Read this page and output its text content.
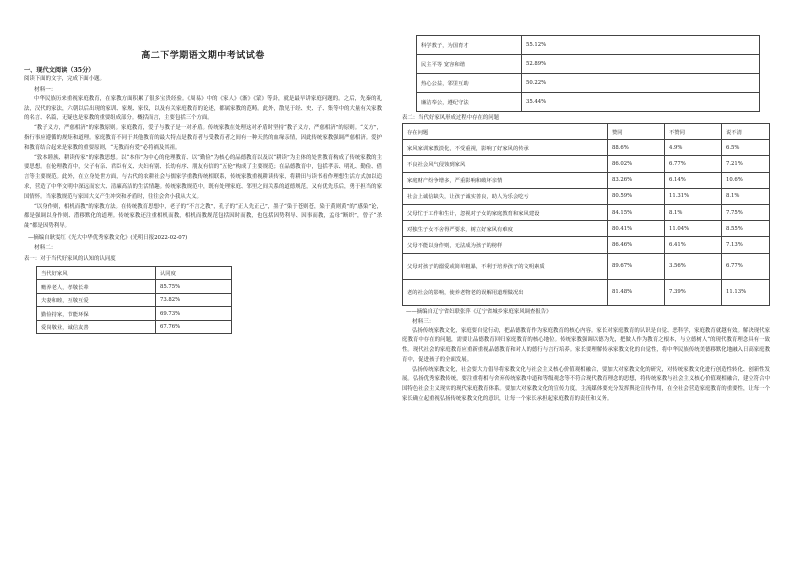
高二下学期语文期中考试试卷
一、现代文阅读（35分）

阅读下面的文字，完成下面小题。

材料一：

中华民族历来重视家庭教育，在家教方面积累了很多宝贵经验。《周易》中的《家人》《渐》《蒙》等卦，就是最早讲家庭问题的。之后，先秦的礼法，汉代的家法，六朝以后出现的家训、家规、家仪，以及有关家庭教育的论述，都属家教的范畴。此外，散见于经、史、子、集等中的大量有关家教的名言、名篇，无疑也是家教的重要组成部分。概括而言，主要包括三个方面。

“教子义方，严慈相济”的家教原则。家庭教育，爱子与教子是一对矛盾。传统家教在处理这对矛盾时坚持“教子义方，严慈相济”的原则。“义方”，指行事应遵循的规矩和道理。家庭教育不同于其他教育的最大特点是教育者与受教育者之间有一种天然的血缘亲情，因此传统家教强调严慈相济。爱护和教育结合起来是家教的重要原则，“无教而有爱”必将祸及其祖。

“敦本睦族、耕读传家”的家教思想。以“本伟”为中心的伦理教育、以“勤俭”为核心的品德教育以及以“耕读”为主体的处世教育构成了传统家教的主要思想。在伦理教育中，父子有亲、君臣有义、夫妇有别、长幼有序、朋友有信的“五伦”构成了主要规范；在品德教育中，包括孝亲、明礼、勤俭、借言等主要规范。此外，在立身处世方面，与古代的农耕社会与儒家学重教传统相联系，传统家教重视耕读传家，将耕田与读书看作理想生活方式加以追求，营造了中华文明中深远而宏大、清廉高洁的生活情趣。传统家教规范中，既有处理家庭、邻里之间关系的道德规范，又有优先乐后，勇于担当的家国情怀。当家教规范与家国大义产生冲突和矛盾时，往往会舍小我从大义。

“以身作则，相机而教”的家教方法。在传统教育思想中，老子的“不言之教”，孔子的“正人先正己”，墨子“染于苍则苍，染于黄则黄”的“感染”论，都是强调以身作则、潜移默化的道理。传统家教还注重相机而教，相机而教规范包括因时而教，也包括因势利导、因事而教，孟母“断织”，曾子“杀彘”都是因势利导。

—摘编自耿雯红《光大中华优秀家教文化》(光明日报2022-02-07)
材料二：
表一：对于当代好家风的认知的认同度
当代好家风	认同度
赡养老人，孝敬长辈	85.75%
夫妻和睦，互敬互爱	73.82%
勤俭持家，节能环保	69.73%
爱岗敬业，诚信友善	67.76%
科学教子，为国育才	55.12%
民主平等 宽容和谐	52.89%
热心公益，邻里互助	50.22%
廉洁奉公，遵纪守法	35.44%
表二：当代好家风形成过程中存在的问题
存在问题	赞同	不赞同	说不清
家风家训家教淡化，不受重视，影响了好家风的传承	88.6%	4.9%	6.5%
不良社会风气侵蚀到家风	86.02%	6.77%	7.21%
家庭财产纷争增多，严重影响和破坏亲情	83.26%	6.14%	10.6%
社会上诚信缺失，让孩子诚实善良，助人为乐会吃亏	80.59%	11.31%	8.1%
父母忙于工作和生计，忽视对子女的家庭教育和家风建设	84.15%	8.1%	7.75%
对独生子女不舍得严要求，树立好家风有难度	80.41%	11.04%	8.55%
父母不能以身作则，无法成为孩子的榜样	86.46%	6.41%	7.13%
父母对孩子的溺爱或简单粗暴，不利于培养孩子的文明素质	89.67%	3.56%	6.77%
老的社会的影响，使养老物老的误解用道理做况出	81.48%	7.39%	11.13%
——摘编自辽宁省妇联张萍《辽宁省城乡家庭家风调查报告》
材料三：

弘扬传统家教文化，家庭要自觉行动，把品德教育作为家庭教育的核心内容。家长对家庭教育的认识是自觉、恶科学，家庭教育就越有效。解决现代家庭教育中存在的问题，需要让品德教育回归家庭教育的核心地位。传统家教强调以德为先，把做人作为教育之根本，与立德树人“的现代教育理念具有一致性。现代社会的家庭教育应重新重视品德教育和对人的德行与言行培养。家长要理解传承家教文化的自觉性，将中华民族传统美德移默化地融入日高家庭教育中，促进孩子的全面发展。

弘扬传统家教文化，社会要大力倡导将家教文化与社会主义核心价值观相融合，要加大对家教文化的研究，对传统家教文化进行创造性转化、创新性发展。弘扬优秀家教传统，要注重将相与舍弃传统家教中道和等级观念等不符合现代教育理念的思想，将传统家教与社会主义核心价值观相融合，建立符合中国特色社会主义现实的现代家庭教育体系。要加大对家教文化的宣传力度，主流媒体要充分发挥舆论宣传作用，在全社会营造家庭教育的重要性，让每一个家长确立起重视弘扬传统家教文化的意识，让每一个家长承担起家庭教育的责任和义务。
